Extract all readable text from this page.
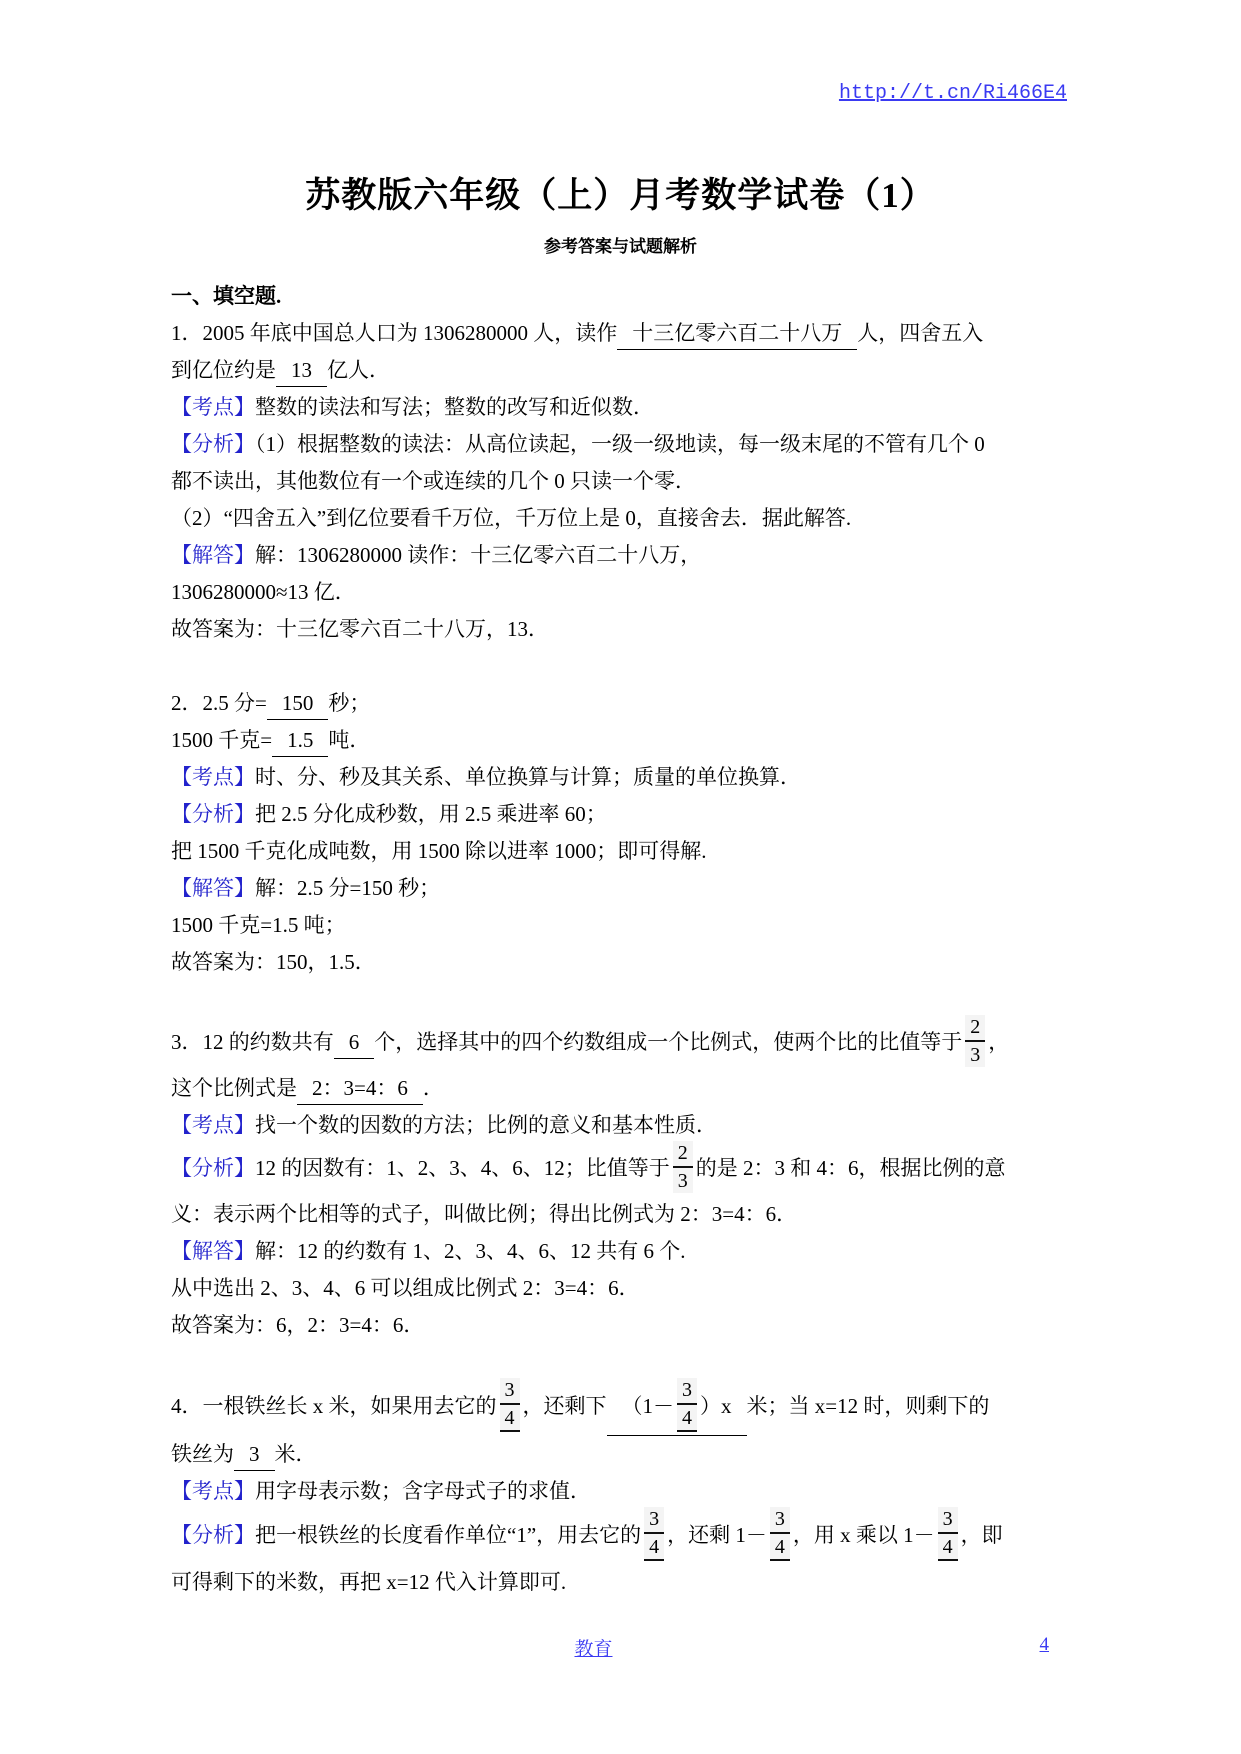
http://t.cn/Ri466E4
苏教版六年级（上）月考数学试卷（1）
参考答案与试题解析
一、填空题.
1．2005 年底中国总人口为 1306280000 人，读作 十三亿零六百二十八万 人，四舍五入
到亿位约是 13 亿人．
【考点】整数的读法和写法；整数的改写和近似数．
【分析】（1）根据整数的读法：从高位读起，一级一级地读，每一级末尾的不管有几个 0
都不读出，其他数位有一个或连续的几个 0 只读一个零．
（2）“四舍五入”到亿位要看千万位，千万位上是 0，直接舍去．据此解答.
【解答】解：1306280000 读作：十三亿零六百二十八万，
1306280000≈13 亿．
故答案为：十三亿零六百二十八万，13．
2．2.5 分= 150 秒；
1500 千克= 1.5 吨．
【考点】时、分、秒及其关系、单位换算与计算；质量的单位换算．
【分析】把 2.5 分化成秒数，用 2.5 乘进率 60；
把 1500 千克化成吨数，用 1500 除以进率 1000；即可得解.
【解答】解：2.5 分=150 秒；
1500 千克=1.5 吨；
故答案为：150，1.5．
3．12 的约数共有 6 个，选择其中的四个约数组成一个比例式，使两个比的比值等于 $\frac{2}{3}$ ，
这个比例式是 2：3=4：6 ．
【考点】找一个数的因数的方法；比例的意义和基本性质．
【分析】12 的因数有：1、2、3、4、6、12；比值等于 $\frac{2}{3}$ 的是 2：3 和 4：6，根据比例的意
义：表示两个比相等的式子，叫做比例；得出比例式为 2：3=4：6．
【解答】解：12 的约数有 1、2、3、4、6、12 共有 6 个.
从中选出 2、3、4、6 可以组成比例式 2：3=4：6．
故答案为：6，2：3=4：6．
4．一根铁丝长 x 米，如果用去它的 $\frac{3}{4}$ ，还剩下 $(1- \frac{3}{4} )x$ 米；当 x=12 时，则剩下的
铁丝为 3 米．
【考点】用字母表示数；含字母式子的求值．
【分析】把一根铁丝的长度看作单位“1”，用去它的 $\frac{3}{4}$ ，还剩 $1- \frac{3}{4}$ ，用 x 乘以 $1- \frac{3}{4}$ ，即
可得剩下的米数，再把 x=12 代入计算即可.
教育	4
